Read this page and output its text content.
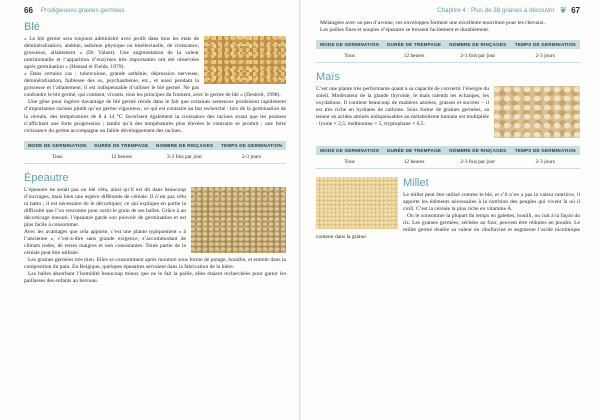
66 Prodigieuses graines germées
Blé

« Le blé germé sera toujours administré avec profit dans tous les états de déminéralisation, anémie, asthénie physique ou intellectuelle, de croissance, grossesse, allaitement » (Dr Valnet). Une augmentation de la valeur nutritionnelle et l’apparition d’enzymes très importantes ont été observées après germination » (Hamad et Fields, 1979).

« Dans certains cas : tuberculose, grande asthénie, dépression nerveuse, déminéralisation, faiblesse des os, psychasthénie, etc., et aussi pendant la grossesse et l’allaitement, il est indispensable d’utiliser le blé germé. Ne pas confondre le blé germé, qui contient, vivants, tous les principes du froment, avec le germe de blé » (Destreit, 1998).

Une gêne pour ingérer davantage de blé germé réside dans le fait que certaines semences produisent rapidement d’importantes racines plutôt qu’un germe vigoureux, ce qui est contraire au but recherché : lors de la germination de la céréale, des températures de 8 à 14 °C favorisent également la croissance des racines avant que les pousses n’affichent une forte progression ; tandis qu’à des températures plus élevées le contraire se produit : une forte croissance du germe accompagne un faible développement des racines.

MODE DE GERMINATION	DURÉE DE TREMPAGE	NOMBRE DE RINÇAGES	TEMPS DE GERMINATION
Tous	12 heures	2-3 fois par jour	2-3 jours
Épeautre

L’épeautre ne serait pas un blé vêtu, ainsi qu’il est dit dans beaucoup d’ouvrages, mais bien une espèce différente de céréale. Il n’est pas vêtu ni battu ; il est nécessaire de le décortiquer, ce qui explique en partie la difficulté que l’on rencontre pour sortir le grain de ses balles. Grâce à un décorticage mesuré, l’épeautre garde son pouvoir de germination et est plus facile à consommer.

Avec les avantages que cela apporte, c’est une plante typiquement « à l’ancienne », c’est-à-dire sans grande exigence, s’accommodant de climats rudes, de terres maigres et non consistantes. Toute partie de la céréale peut être utilisée.

Les graines germées très bien. Elles se consomment après mouture sous forme de potage, bouillie, et entrent dans la composition du pain. En Belgique, quelques épeautres servaient dans la fabrication de la bière.

Les balles absorbant l’humidité beaucoup mieux que ne le fait la paille, elles étaient recherchées pour garnir les paillasses des enfants au berceau.

Chapitre 4 : Plus de 38 graines à découvrir ❦ 67

Mélangées avec un peu d’avoine, ces enveloppes forment une excellente nourriture pour les chevaux.

Les pailles fines et souples d’épeautre se tressent facilement et durablement.

MODE DE GERMINATION	DURÉE DE TREMPAGE	NOMBRE DE RINÇAGES	TEMPS DE GERMINATION
Tous	12 heures	2-3 fois par jour	2-3 jours
Maïs

C’est une plante très performante quant à sa capacité de convertir l’énergie du soleil. Modérateur de la glande thyroïde, le maïs ralentit les échanges, les oxydations. Il contient beaucoup de matières azotées, grasses et sucrées – il est très riche en hydrates de carbone. Sous forme de graines germées, sa teneur en acides aminés indispensables au métabolisme humain est multipliée : lysine × 2,5, méthionine × 5, tryptophane × 6,5.

MODE DE GERMINATION	DURÉE DE TREMPAGE	NOMBRE DE RINÇAGES	TEMPS DE GERMINATION
Tous	12 heures	2-3 fois par jour	2-3 jours
Millet

Le millet peut être utilisé comme le blé, et s’il n’en a pas la valeur nutritive, il apporte les éléments nécessaires à la nutrition des peuples qui vivent là où il croît. C’est la céréale la plus riche en vitamine A.

On le consomme la plupart du temps en galettes, bouilli, ou cuit à la façon du riz. Les graines germées, séchées au four, peuvent être réduites en poudre. Le millet germé double sa valeur en riboflavine et augmente l’acide nicotinique contenu dans la graine.
